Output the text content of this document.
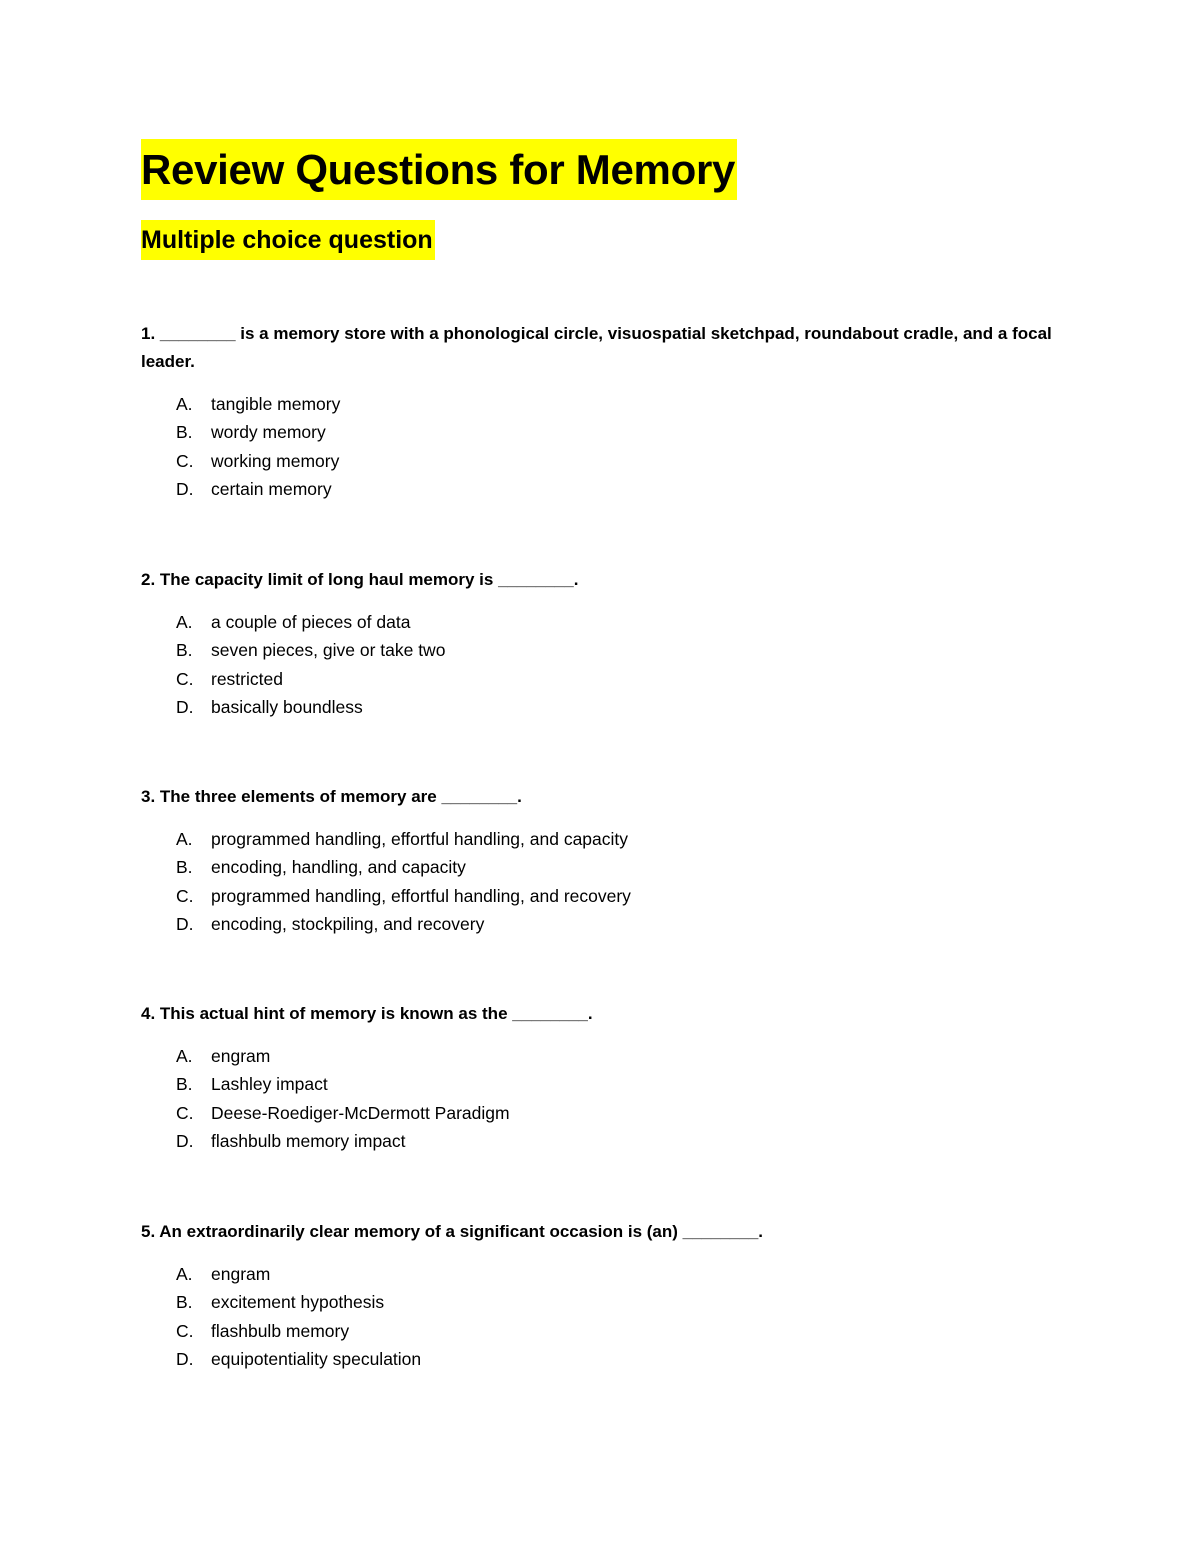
Review Questions for Memory
Multiple choice question

1. ________ is a memory store with a phonological circle, visuospatial sketchpad, roundabout cradle, and a focal leader.

A.	tangible memory
B.	wordy memory
C.	working memory
D.	certain memory

2. The capacity limit of long haul memory is ________.

A.	a couple of pieces of data
B.	seven pieces, give or take two
C.	restricted
D.	basically boundless

3. The three elements of memory are ________.

A.	programmed handling, effortful handling, and capacity
B.	encoding, handling, and capacity
C.	programmed handling, effortful handling, and recovery
D.	encoding, stockpiling, and recovery

4. This actual hint of memory is known as the ________.

A.	engram
B.	Lashley impact
C.	Deese-Roediger-McDermott Paradigm
D.	flashbulb memory impact

5. An extraordinarily clear memory of a significant occasion is (an) ________.

A.	engram
B.	excitement hypothesis
C.	flashbulb memory
D.	equipotentiality speculation
